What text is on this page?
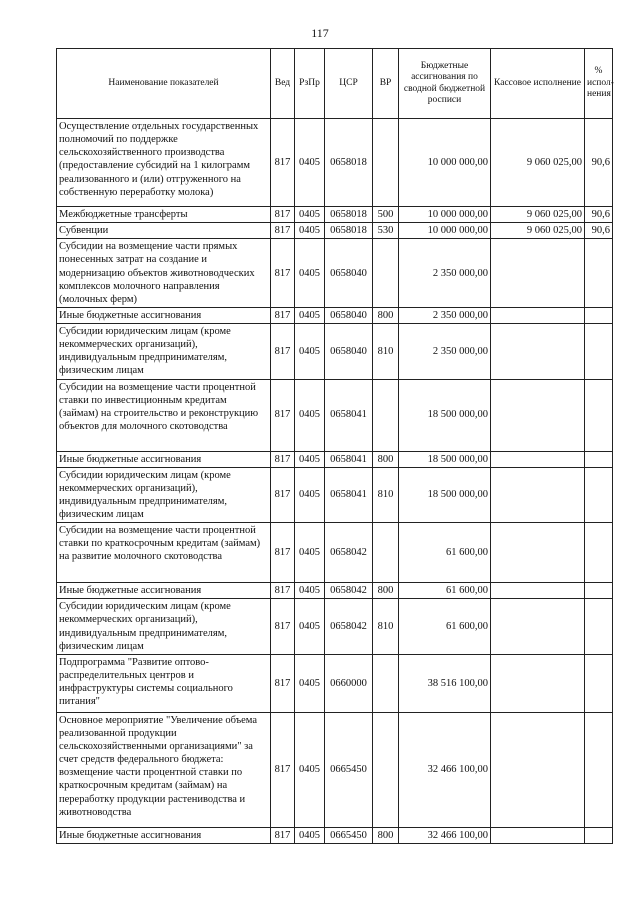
117
Наименование показателей	Вед	РзПр	ЦСР	ВР	Бюджетные ассигнования по сводной бюджетной росписи	Кассовое исполнение	% испол-нения
Осуществление отдельных государственных полномочий по поддержке сельскохозяйственного производства (предоставление субсидий на 1 килограмм реализованного и (или) отгруженного на собственную переработку молока)	817	0405	0658018		10 000 000,00	9 060 025,00	90,6
Межбюджетные трансферты	817	0405	0658018	500	10 000 000,00	9 060 025,00	90,6
Субвенции	817	0405	0658018	530	10 000 000,00	9 060 025,00	90,6
Субсидии на возмещение части прямых понесенных затрат на создание и модернизацию объектов животноводческих комплексов молочного направления (молочных ферм)	817	0405	0658040		2 350 000,00		
Иные бюджетные ассигнования	817	0405	0658040	800	2 350 000,00		
Субсидии юридическим лицам (кроме некоммерческих организаций), индивидуальным предпринимателям, физическим лицам	817	0405	0658040	810	2 350 000,00		
Субсидии на возмещение части процентной ставки по инвестиционным кредитам (займам) на строительство и реконструкцию объектов для молочного скотоводства	817	0405	0658041		18 500 000,00		
Иные бюджетные ассигнования	817	0405	0658041	800	18 500 000,00		
Субсидии юридическим лицам (кроме некоммерческих организаций), индивидуальным предпринимателям, физическим лицам	817	0405	0658041	810	18 500 000,00		
Субсидии на возмещение части процентной ставки по краткосрочным кредитам (займам) на развитие молочного скотоводства	817	0405	0658042		61 600,00		
Иные бюджетные ассигнования	817	0405	0658042	800	61 600,00		
Субсидии юридическим лицам (кроме некоммерческих организаций), индивидуальным предпринимателям, физическим лицам	817	0405	0658042	810	61 600,00		
Подпрограмма "Развитие оптово-распределительных центров и инфраструктуры системы социального питания"	817	0405	0660000		38 516 100,00		
Основное мероприятие "Увеличение объема реализованной продукции сельскохозяйственными организациями" за счет средств федерального бюджета: возмещение части процентной ставки по краткосрочным кредитам (займам) на переработку продукции растениводства и животноводства	817	0405	0665450		32 466 100,00		
Иные бюджетные ассигнования	817	0405	0665450	800	32 466 100,00		
